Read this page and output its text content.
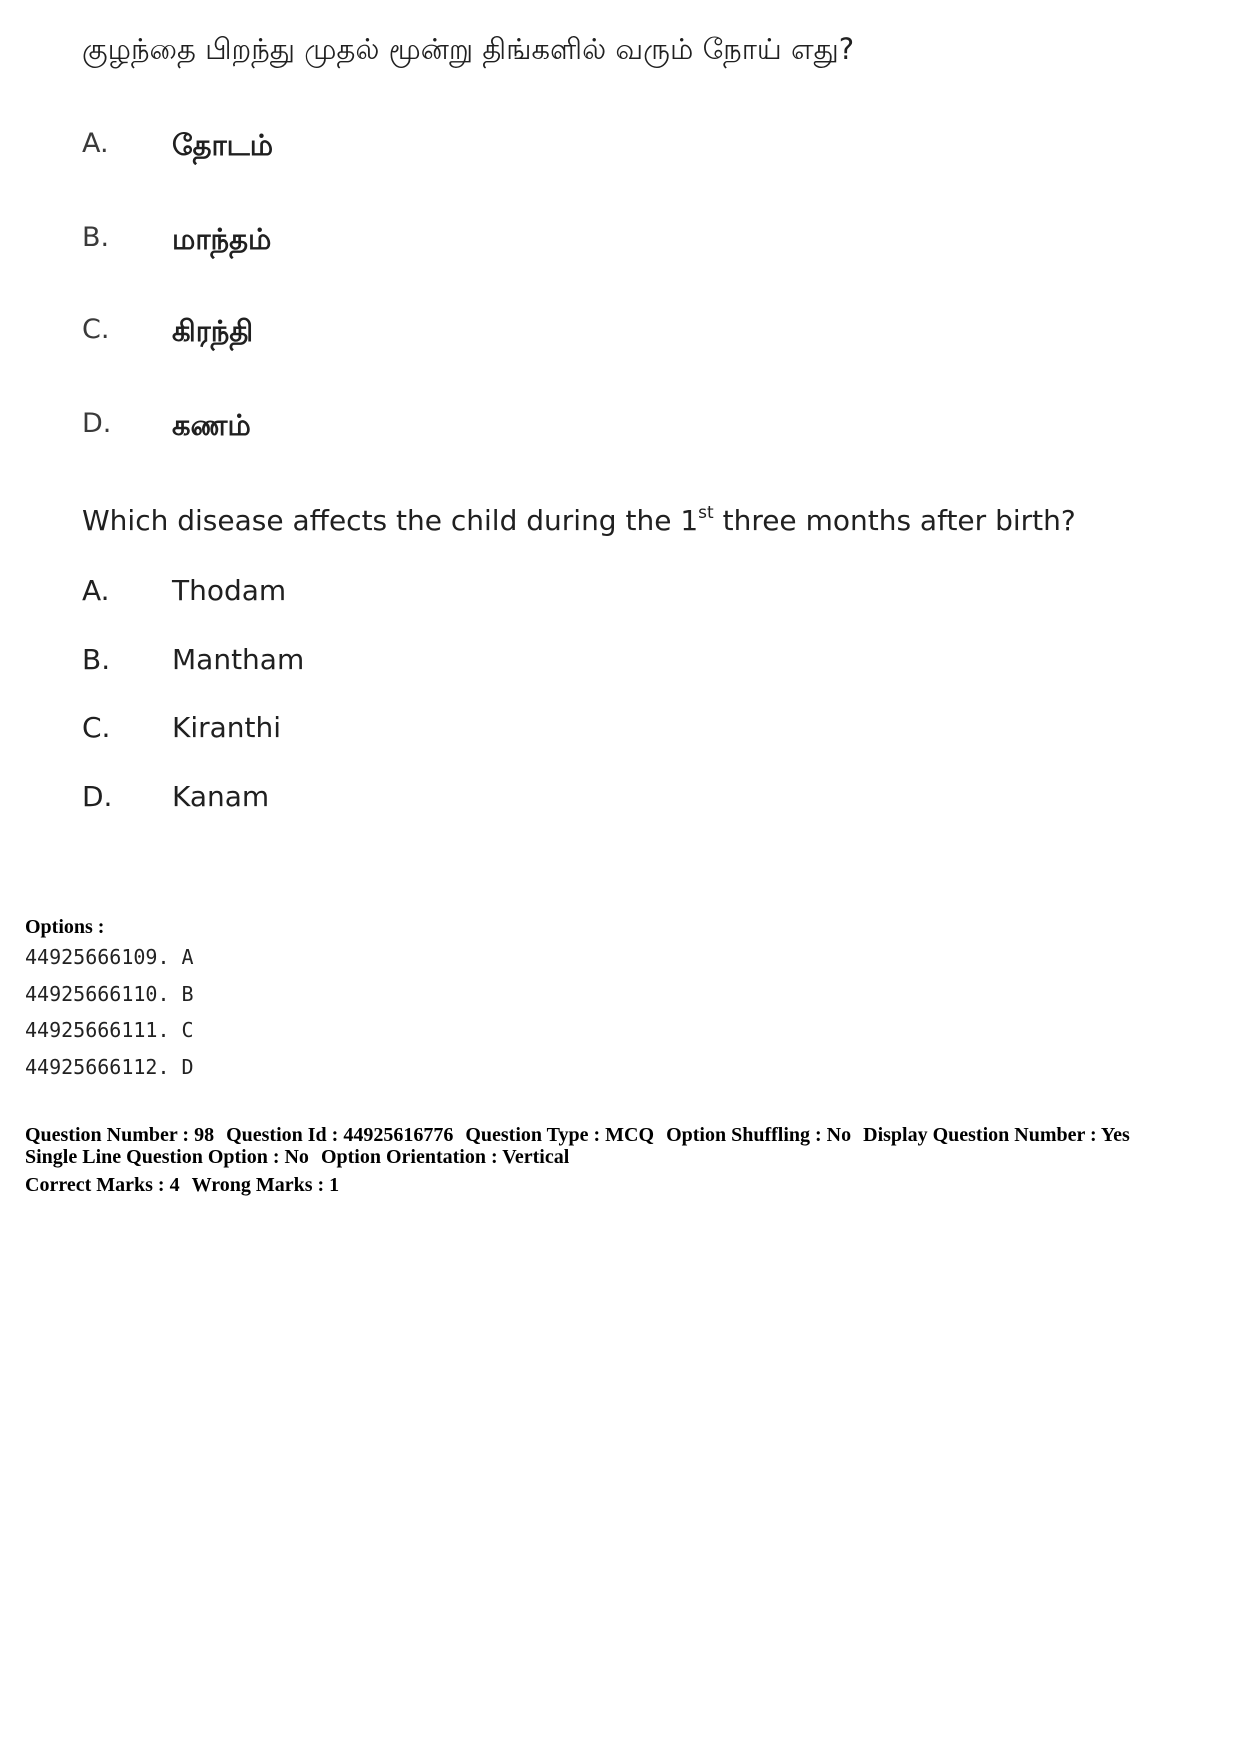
குழந்தை பிறந்து முதல் மூன்று திங்களில் வரும் நோய் எது?
A. தோடம்
B. மாந்தம்
C. கிரந்தி
D. கணம்
Which disease affects the child during the 1st three months after birth?
A. Thodam
B. Mantham
C. Kiranthi
D. Kanam
Options :
44925666109. A
44925666110. B
44925666111. C
44925666112. D
Question Number : 98 Question Id : 44925616776 Question Type : MCQ Option Shuffling : No Display Question Number : Yes
Single Line Question Option : No Option Orientation : Vertical
Correct Marks : 4 Wrong Marks : 1
